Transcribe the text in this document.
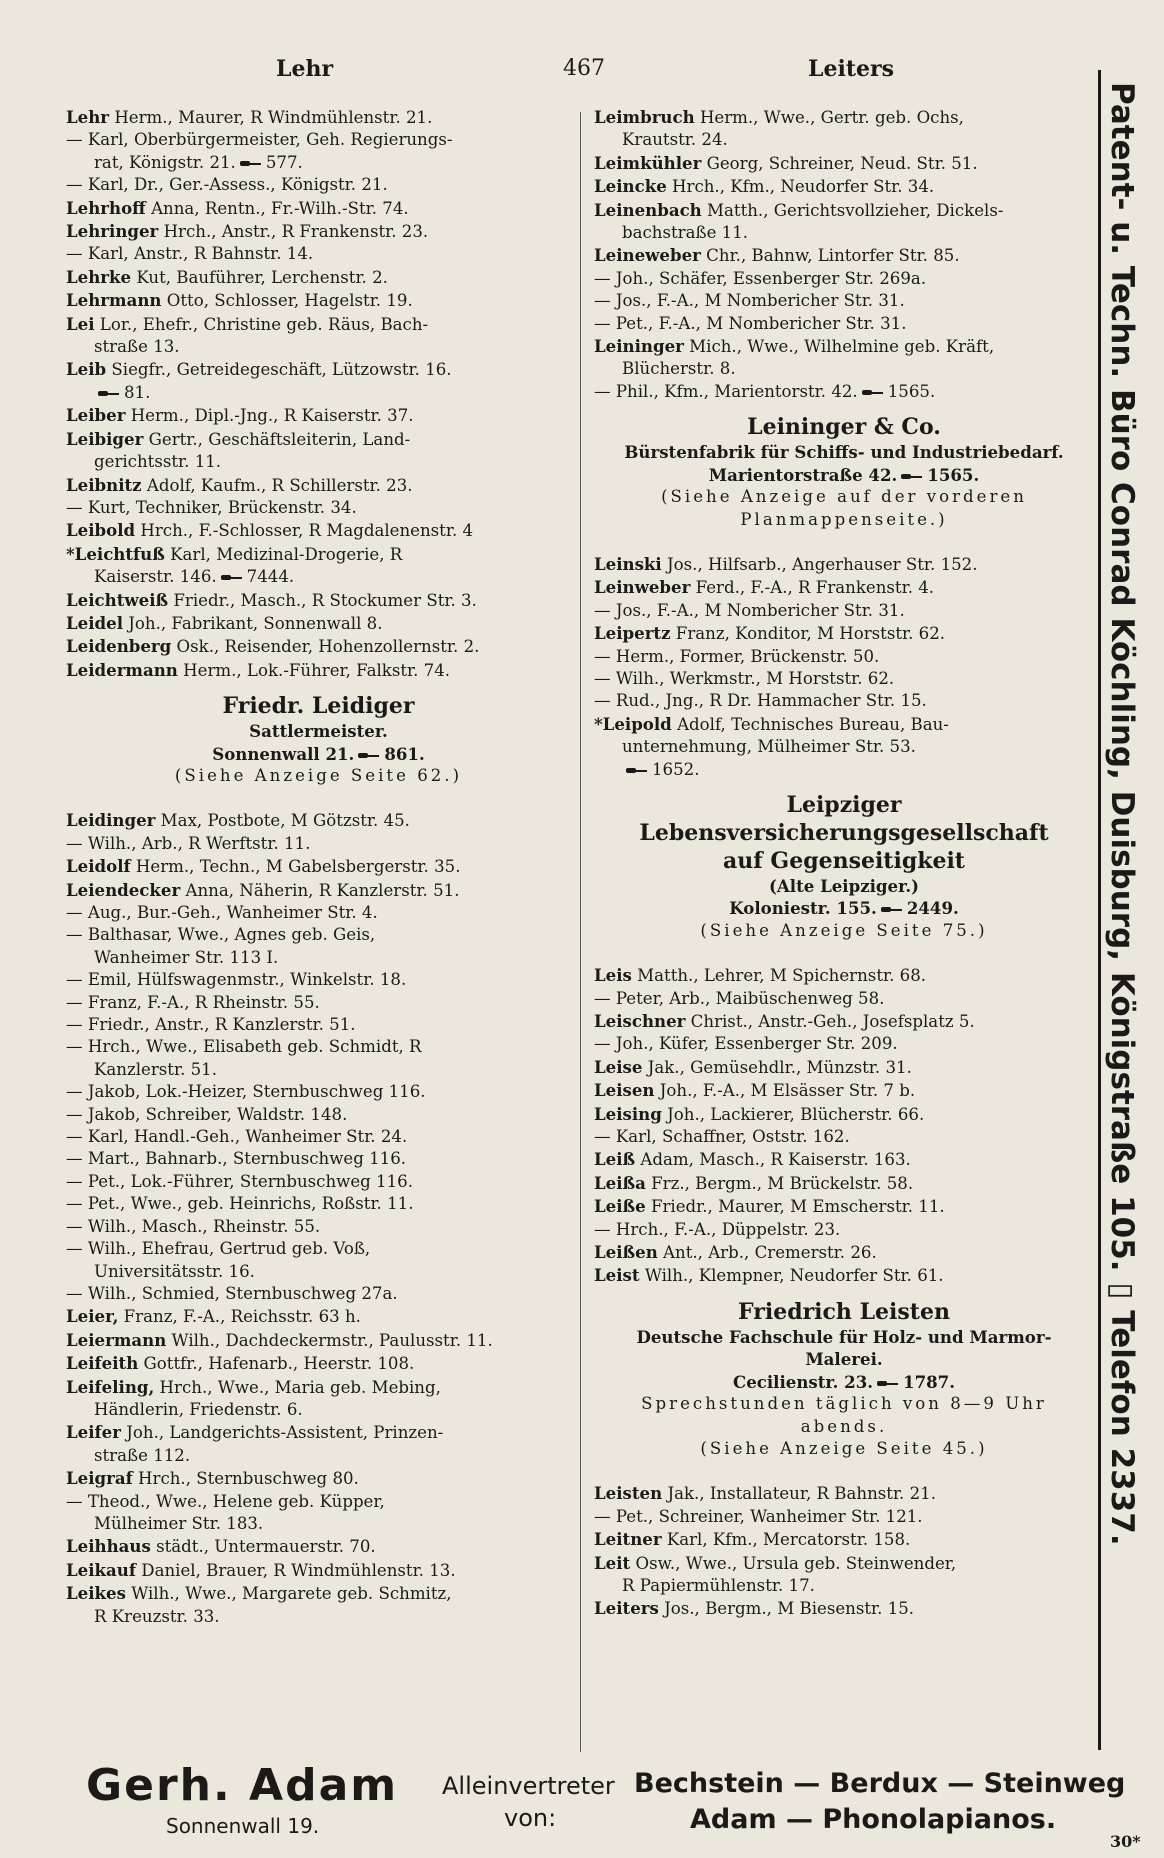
Lehr	467	Leiters
Lehr Herm., Maurer, R Windmühlenstr. 21.
— Karl, Oberbürgermeister, Geh. Regierungs-
rat, Königstr. 21. 577.
— Karl, Dr., Ger.-Assess., Königstr. 21.
Lehrhoff Anna, Rentn., Fr.-Wilh.-Str. 74.
Lehringer Hrch., Anstr., R Frankenstr. 23.
— Karl, Anstr., R Bahnstr. 14.
Lehrke Kut, Bauführer, Lerchenstr. 2.
Lehrmann Otto, Schlosser, Hagelstr. 19.
Lei Lor., Ehefr., Christine geb. Räus, Bach-
straße 13.
Leib Siegfr., Getreidegeschäft, Lützowstr. 16.
81.
Leiber Herm., Dipl.-Jng., R Kaiserstr. 37.
Leibiger Gertr., Geschäftsleiterin, Land-
gerichtsstr. 11.
Leibnitz Adolf, Kaufm., R Schillerstr. 23.
— Kurt, Techniker, Brückenstr. 34.
Leibold Hrch., F.-Schlosser, R Magdalenenstr. 4
*Leichtfuß Karl, Medizinal-Drogerie, R
Kaiserstr. 146. 7444.
Leichtweiß Friedr., Masch., R Stockumer Str. 3.
Leidel Joh., Fabrikant, Sonnenwall 8.
Leidenberg Osk., Reisender, Hohenzollernstr. 2.
Leidermann Herm., Lok.-Führer, Falkstr. 74.
Friedr. Leidiger
Sattlermeister.
Sonnenwall 21. 861.
(Siehe Anzeige Seite 62.)
Leidinger Max, Postbote, M Götzstr. 45.
— Wilh., Arb., R Werftstr. 11.
Leidolf Herm., Techn., M Gabelsbergerstr. 35.
Leiendecker Anna, Näherin, R Kanzlerstr. 51.
— Aug., Bur.-Geh., Wanheimer Str. 4.
— Balthasar, Wwe., Agnes geb. Geis,
Wanheimer Str. 113 I.
— Emil, Hülfswagenmstr., Winkelstr. 18.
— Franz, F.-A., R Rheinstr. 55.
— Friedr., Anstr., R Kanzlerstr. 51.
— Hrch., Wwe., Elisabeth geb. Schmidt, R
Kanzlerstr. 51.
— Jakob, Lok.-Heizer, Sternbuschweg 116.
— Jakob, Schreiber, Waldstr. 148.
— Karl, Handl.-Geh., Wanheimer Str. 24.
— Mart., Bahnarb., Sternbuschweg 116.
— Pet., Lok.-Führer, Sternbuschweg 116.
— Pet., Wwe., geb. Heinrichs, Roßstr. 11.
— Wilh., Masch., Rheinstr. 55.
— Wilh., Ehefrau, Gertrud geb. Voß,
Universitätsstr. 16.
— Wilh., Schmied, Sternbuschweg 27a.
Leier, Franz, F.-A., Reichsstr. 63 h.
Leiermann Wilh., Dachdeckermstr., Paulusstr. 11.
Leifeith Gottfr., Hafenarb., Heerstr. 108.
Leifeling, Hrch., Wwe., Maria geb. Mebing,
Händlerin, Friedenstr. 6.
Leifer Joh., Landgerichts-Assistent, Prinzen-
straße 112.
Leigraf Hrch., Sternbuschweg 80.
— Theod., Wwe., Helene geb. Küpper,
Mülheimer Str. 183.
Leihhaus städt., Untermauerstr. 70.
Leikauf Daniel, Brauer, R Windmühlenstr. 13.
Leikes Wilh., Wwe., Margarete geb. Schmitz,
R Kreuzstr. 33.
Leimbruch Herm., Wwe., Gertr. geb. Ochs,
Krautstr. 24.
Leimkühler Georg, Schreiner, Neud. Str. 51.
Leincke Hrch., Kfm., Neudorfer Str. 34.
Leinenbach Matth., Gerichtsvollzieher, Dickels-
bachstraße 11.
Leineweber Chr., Bahnw, Lintorfer Str. 85.
— Joh., Schäfer, Essenberger Str. 269a.
— Jos., F.-A., M Nombericher Str. 31.
— Pet., F.-A., M Nombericher Str. 31.
Leininger Mich., Wwe., Wilhelmine geb. Kräft,
Blücherstr. 8.
— Phil., Kfm., Marientorstr. 42. 1565.
Leininger & Co.
Bürstenfabrik für Schiffs- und Industriebedarf.
Marientorstraße 42. 1565.
(Siehe Anzeige auf der vorderen
Planmappenseite.)
Leinski Jos., Hilfsarb., Angerhauser Str. 152.
Leinweber Ferd., F.-A., R Frankenstr. 4.
— Jos., F.-A., M Nombericher Str. 31.
Leipertz Franz, Konditor, M Horststr. 62.
— Herm., Former, Brückenstr. 50.
— Wilh., Werkmstr., M Horststr. 62.
— Rud., Jng., R Dr. Hammacher Str. 15.
*Leipold Adolf, Technisches Bureau, Bau-
unternehmung, Mülheimer Str. 53.
1652.
Leipziger Lebensversicherungsgesellschaft
auf Gegenseitigkeit
(Alte Leipziger.)
Koloniestr. 155. 2449.
(Siehe Anzeige Seite 75.)
Leis Matth., Lehrer, M Spichernstr. 68.
— Peter, Arb., Maibüschenweg 58.
Leischner Christ., Anstr.-Geh., Josefsplatz 5.
— Joh., Küfer, Essenberger Str. 209.
Leise Jak., Gemüsehdlr., Münzstr. 31.
Leisen Joh., F.-A., M Elsässer Str. 7 b.
Leising Joh., Lackierer, Blücherstr. 66.
— Karl, Schaffner, Oststr. 162.
Leiß Adam, Masch., R Kaiserstr. 163.
Leißa Frz., Bergm., M Brückelstr. 58.
Leiße Friedr., Maurer, M Emscherstr. 11.
— Hrch., F.-A., Düppelstr. 23.
Leißen Ant., Arb., Cremerstr. 26.
Leist Wilh., Klempner, Neudorfer Str. 61.
Friedrich Leisten
Deutsche Fachschule für Holz- und Marmor-
Malerei.
Cecilienstr. 23. 1787.
Sprechstunden täglich von 8—9 Uhr
abends.
(Siehe Anzeige Seite 45.)
Leisten Jak., Installateur, R Bahnstr. 21.
— Pet., Schreiner, Wanheimer Str. 121.
Leitner Karl, Kfm., Mercatorstr. 158.
Leit Osw., Wwe., Ursula geb. Steinwender,
R Papiermühlenstr. 17.
Leiters Jos., Bergm., M Biesenstr. 15.
Patent- u. Techn. Büro Conrad Köchling, Duisburg, Königstraße 105. ▯ Telefon 2337.
Gerh. Adam
Sonnenwall 19.
Alleinvertreter
von:
Bechstein — Berdux — Steinweg
Adam — Phonolapianos.
30*
